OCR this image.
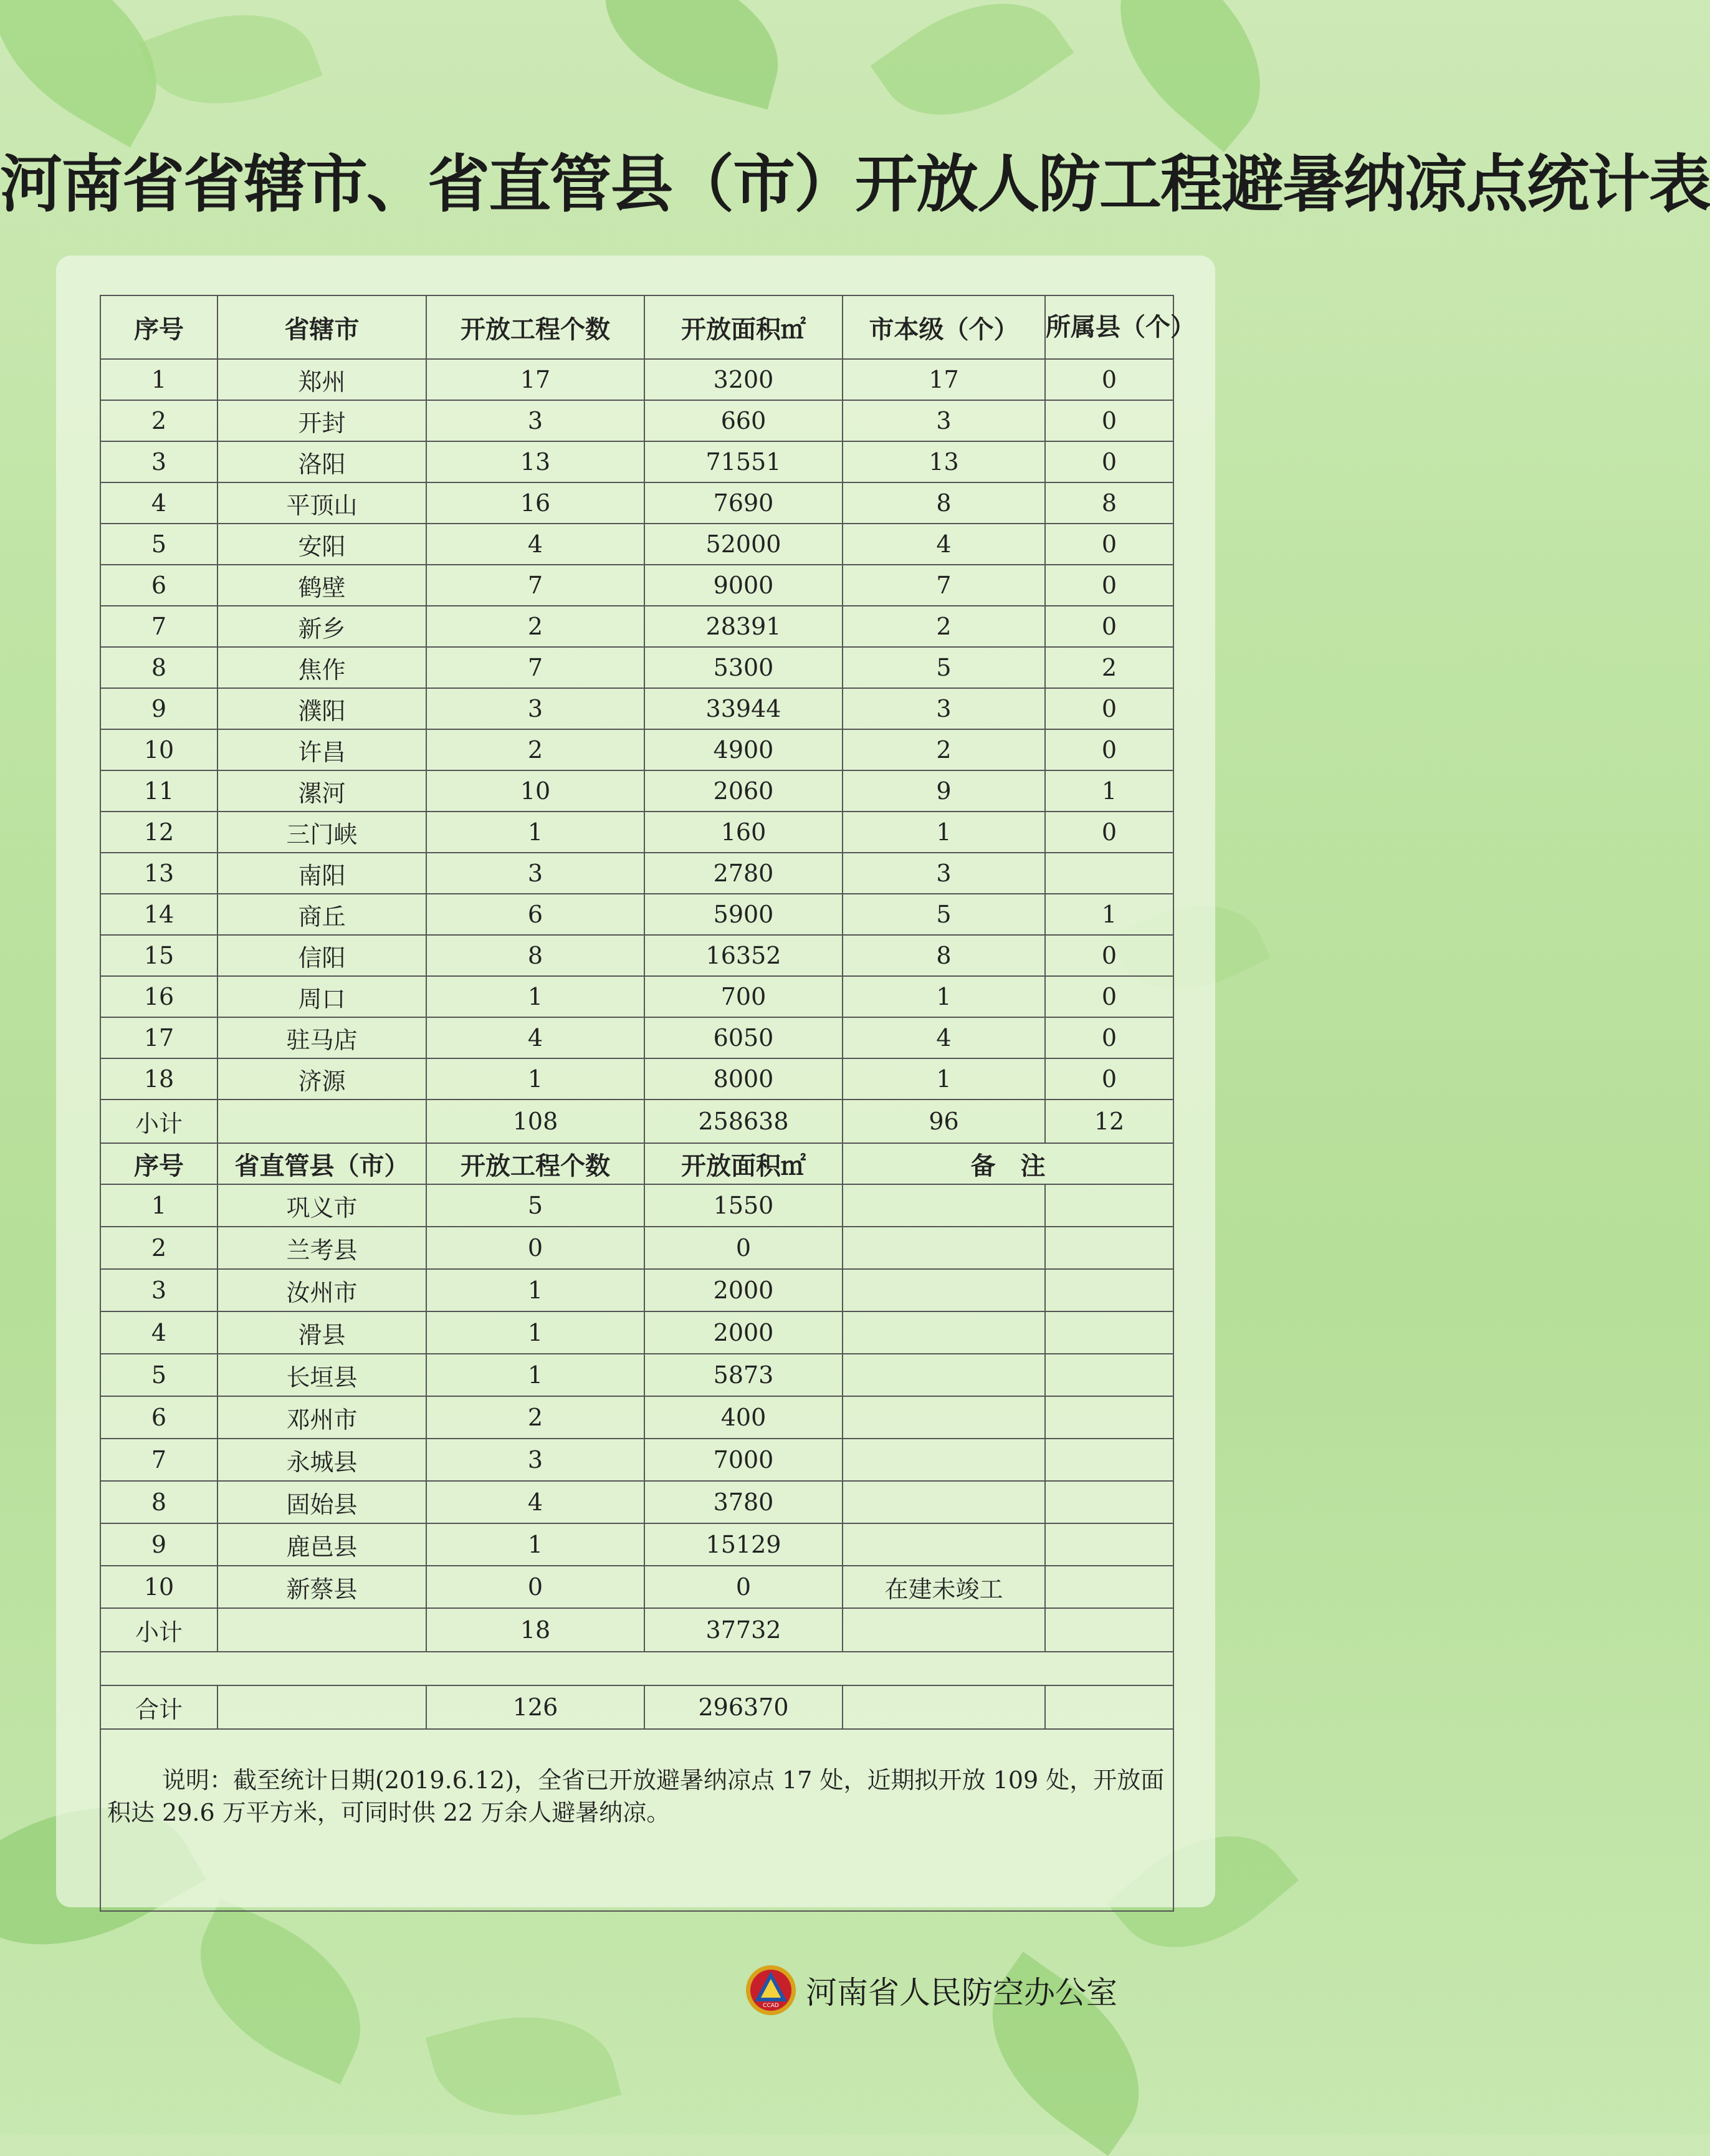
河南省省辖市、省直管县（市）开放人防工程避暑纳凉点统计表
序号	省辖市	开放工程个数	开放面积㎡	市本级（个）	所属县（个）
1	郑州	17	3200	17	0
2	开封	3	660	3	0
3	洛阳	13	71551	13	0
4	平顶山	16	7690	8	8
5	安阳	4	52000	4	0
6	鹤壁	7	9000	7	0
7	新乡	2	28391	2	0
8	焦作	7	5300	5	2
9	濮阳	3	33944	3	0
10	许昌	2	4900	2	0
11	漯河	10	2060	9	1
12	三门峡	1	160	1	0
13	南阳	3	2780	3	
14	商丘	6	5900	5	1
15	信阳	8	16352	8	0
16	周口	1	700	1	0
17	驻马店	4	6050	4	0
18	济源	1	8000	1	0
小计		108	258638	96	12
序号	省直管县（市）	开放工程个数	开放面积㎡	备　注	
1	巩义市	5	1550		
2	兰考县	0	0		
3	汝州市	1	2000		
4	滑县	1	2000		
5	长垣县	1	5873		
6	邓州市	2	400		
7	永城县	3	7000		
8	固始县	4	3780		
9	鹿邑县	1	15129		
10	新蔡县	0	0	在建未竣工	
小计		18	37732		

合计		126	296370		
说明：截至统计日期(2019.6.12)，全省已开放避暑纳凉点 17 处，近期拟开放 109 处，开放面积达 29.6 万平方米，可同时供 22 万余人避暑纳凉。					
CCAD 河南省人民防空办公室
